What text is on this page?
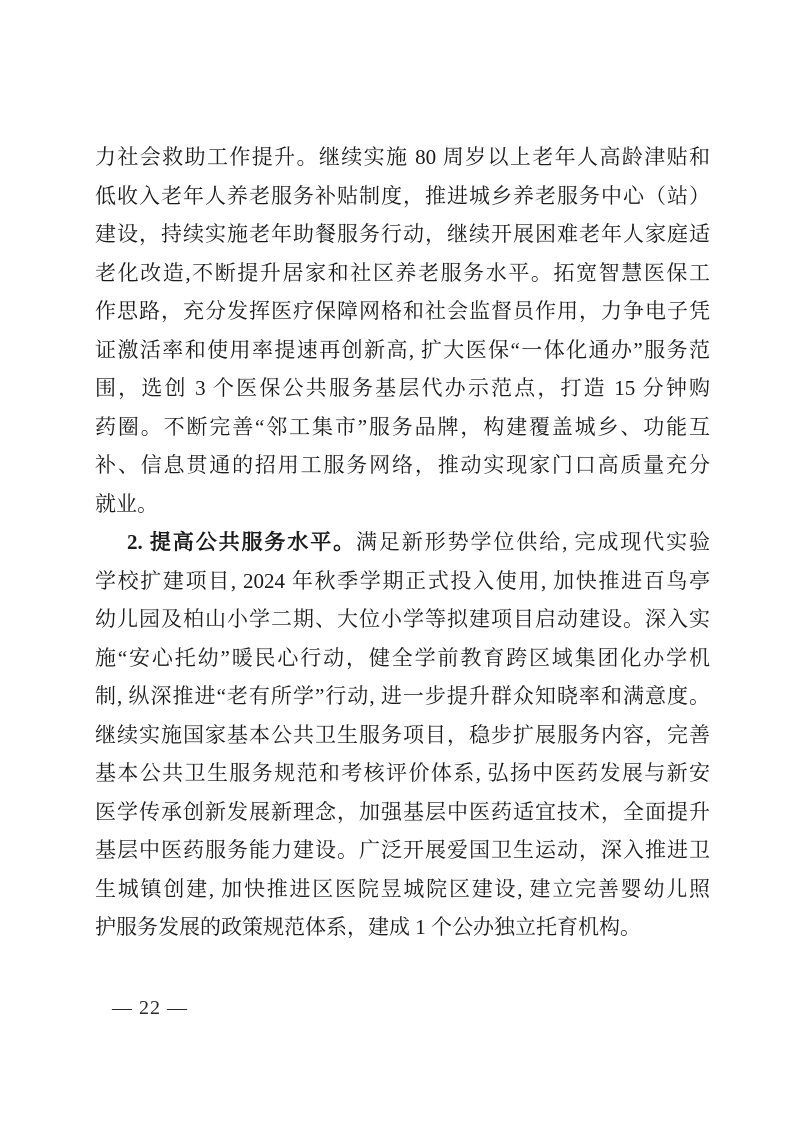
力社会救助工作提升。继续实施 80 周岁以上老年人高龄津贴和
低收入老年人养老服务补贴制度，推进城乡养老服务中心（站）
建设，持续实施老年助餐服务行动，继续开展困难老年人家庭适
老化改造,不断提升居家和社区养老服务水平。拓宽智慧医保工
作思路，充分发挥医疗保障网格和社会监督员作用，力争电子凭
证激活率和使用率提速再创新高, 扩大医保“一体化通办”服务范
围，选创 3 个医保公共服务基层代办示范点，打造 15 分钟购
药圈。不断完善“邻工集市”服务品牌，构建覆盖城乡、功能互
补、信息贯通的招用工服务网络，推动实现家门口高质量充分
就业。
2. 提高公共服务水平。满足新形势学位供给, 完成现代实验
学校扩建项目, 2024 年秋季学期正式投入使用, 加快推进百鸟亭
幼儿园及柏山小学二期、大位小学等拟建项目启动建设。深入实
施“安心托幼”暖民心行动，健全学前教育跨区域集团化办学机
制, 纵深推进“老有所学”行动, 进一步提升群众知晓率和满意度。
继续实施国家基本公共卫生服务项目，稳步扩展服务内容，完善
基本公共卫生服务规范和考核评价体系, 弘扬中医药发展与新安
医学传承创新发展新理念，加强基层中医药适宜技术，全面提升
基层中医药服务能力建设。广泛开展爱国卫生运动，深入推进卫
生城镇创建, 加快推进区医院昱城院区建设, 建立完善婴幼儿照
护服务发展的政策规范体系，建成 1 个公办独立托育机构。
— 22 —
